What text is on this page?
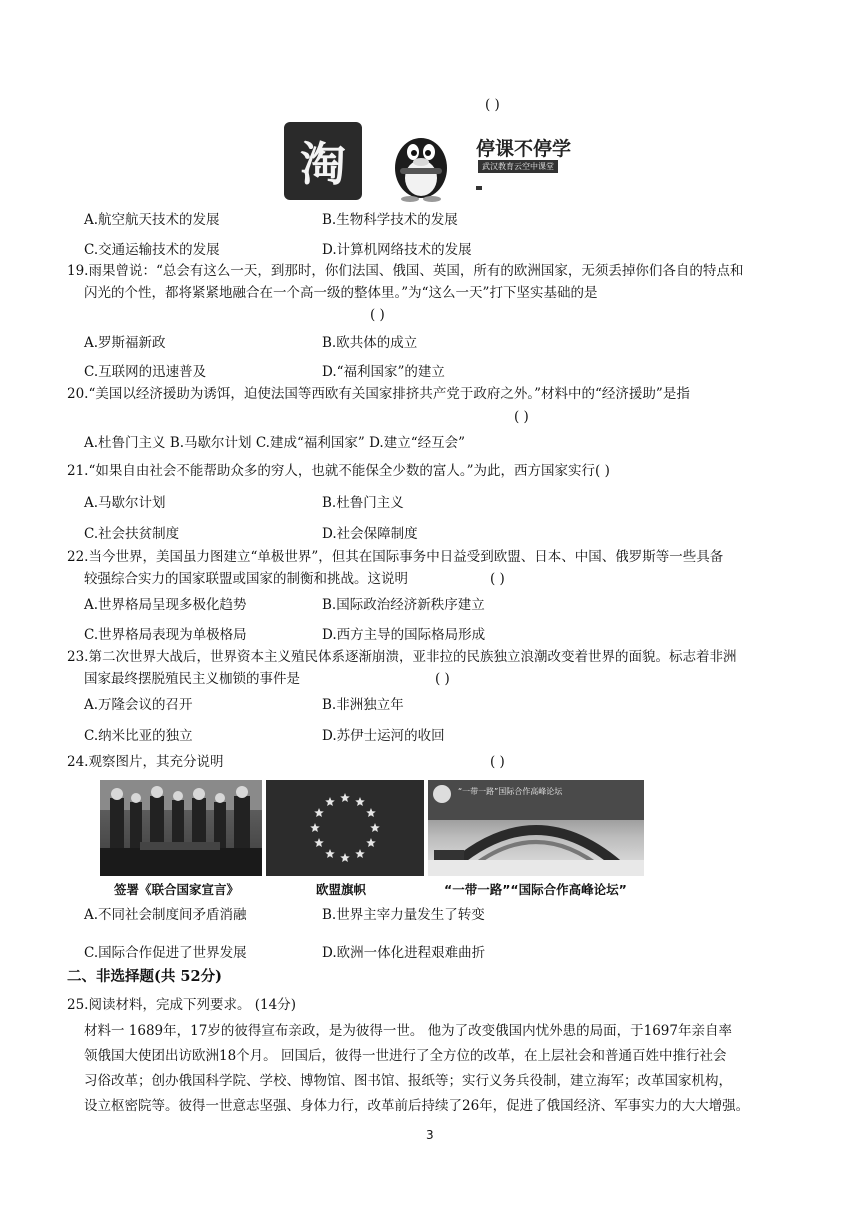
( )
淘	停课不停学
武汉教育云空中课堂
A.航空航天技术的发展	B.生物科学技术的发展
C.交通运输技术的发展	D.计算机网络技术的发展
19.雨果曾说：“总会有这么一天，到那时，你们法国、俄国、英国，所有的欧洲国家，无须丢掉你们各自的特点和
闪光的个性，都将紧紧地融合在一个高一级的整体里。”为“这么一天”打下坚实基础的是
( )
A.罗斯福新政	B.欧共体的成立
C.互联网的迅速普及	D.“福利国家”的建立
20.“美国以经济援助为诱饵，迫使法国等西欧有关国家排挤共产党于政府之外。”材料中的“经济援助”是指
( )
A.杜鲁门主义 B.马歇尔计划 C.建成“福利国家” D.建立“经互会”
21.“如果自由社会不能帮助众多的穷人，也就不能保全少数的富人。”为此，西方国家实行( )
A.马歇尔计划	B.杜鲁门主义
C.社会扶贫制度	D.社会保障制度
22.当今世界，美国虽力图建立“单极世界”，但其在国际事务中日益受到欧盟、日本、中国、俄罗斯等一些具备
较强综合实力的国家联盟或国家的制衡和挑战。这说明	( )
A.世界格局呈现多极化趋势	B.国际政治经济新秩序建立
C.世界格局表现为单极格局	D.西方主导的国际格局形成
23.第二次世界大战后，世界资本主义殖民体系逐渐崩溃，亚非拉的民族独立浪潮改变着世界的面貌。标志着非洲
国家最终摆脱殖民主义枷锁的事件是	( )
A.万隆会议的召开	B.非洲独立年
C.纳米比亚的独立	D.苏伊士运河的收回
24.观察图片，其充分说明	( )
签署《联合国家宣言》	欧盟旗帜
“一带一路”国际合作高峰论坛
“一带一路”“国际合作高峰论坛”
A.不同社会制度间矛盾消融	B.世界主宰力量发生了转变
C.国际合作促进了世界发展	D.欧洲一体化进程艰难曲折
二、非选择题(共 52分)
25.阅读材料，完成下列要求。 (14分)
材料一 1689年，17岁的彼得宣布亲政，是为彼得一世。 他为了改变俄国内忧外患的局面，于1697年亲自率
领俄国大使团出访欧洲18个月。 回国后，彼得一世进行了全方位的改革，在上层社会和普通百姓中推行社会
习俗改革；创办俄国科学院、学校、博物馆、图书馆、报纸等；实行义务兵役制，建立海军；改革国家机构，
设立枢密院等。彼得一世意志坚强、身体力行，改革前后持续了26年，促进了俄国经济、军事实力的大大增强。
3
